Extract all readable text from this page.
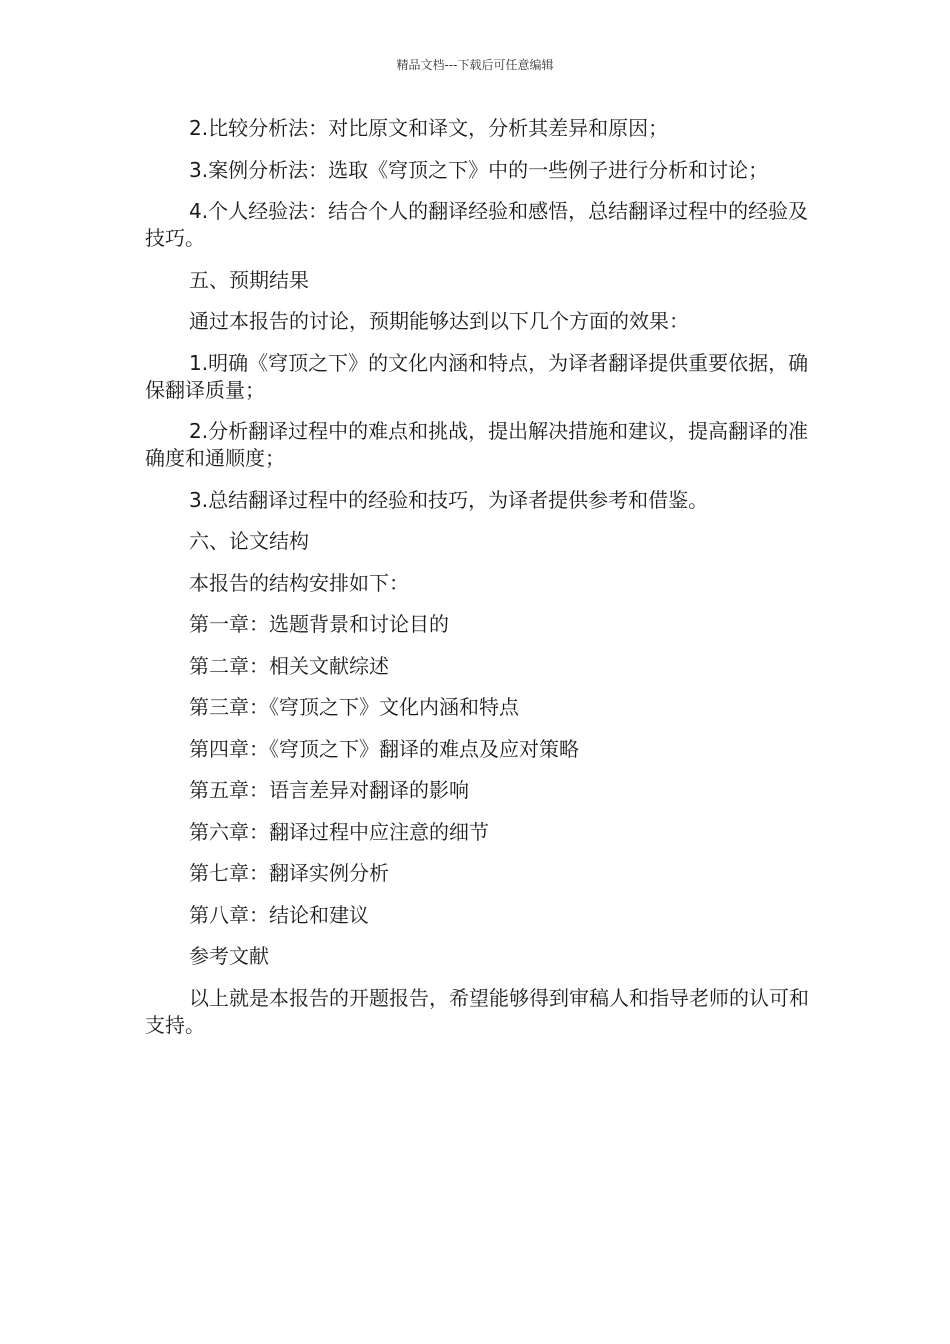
精品文档---下载后可任意编辑

2.比较分析法：对比原文和译文，分析其差异和原因；

3.案例分析法：选取《穹顶之下》中的一些例子进行分析和讨论；

4.个人经验法：结合个人的翻译经验和感悟，总结翻译过程中的经验及技巧。

五、预期结果

通过本报告的讨论，预期能够达到以下几个方面的效果：

1.明确《穹顶之下》的文化内涵和特点，为译者翻译提供重要依据，确保翻译质量；

2.分析翻译过程中的难点和挑战，提出解决措施和建议，提高翻译的准确度和通顺度；

3.总结翻译过程中的经验和技巧，为译者提供参考和借鉴。

六、论文结构

本报告的结构安排如下：

第一章：选题背景和讨论目的

第二章：相关文献综述

第三章：《穹顶之下》文化内涵和特点

第四章：《穹顶之下》翻译的难点及应对策略

第五章：语言差异对翻译的影响

第六章：翻译过程中应注意的细节

第七章：翻译实例分析

第八章：结论和建议

参考文献

以上就是本报告的开题报告，希望能够得到审稿人和指导老师的认可和支持。
